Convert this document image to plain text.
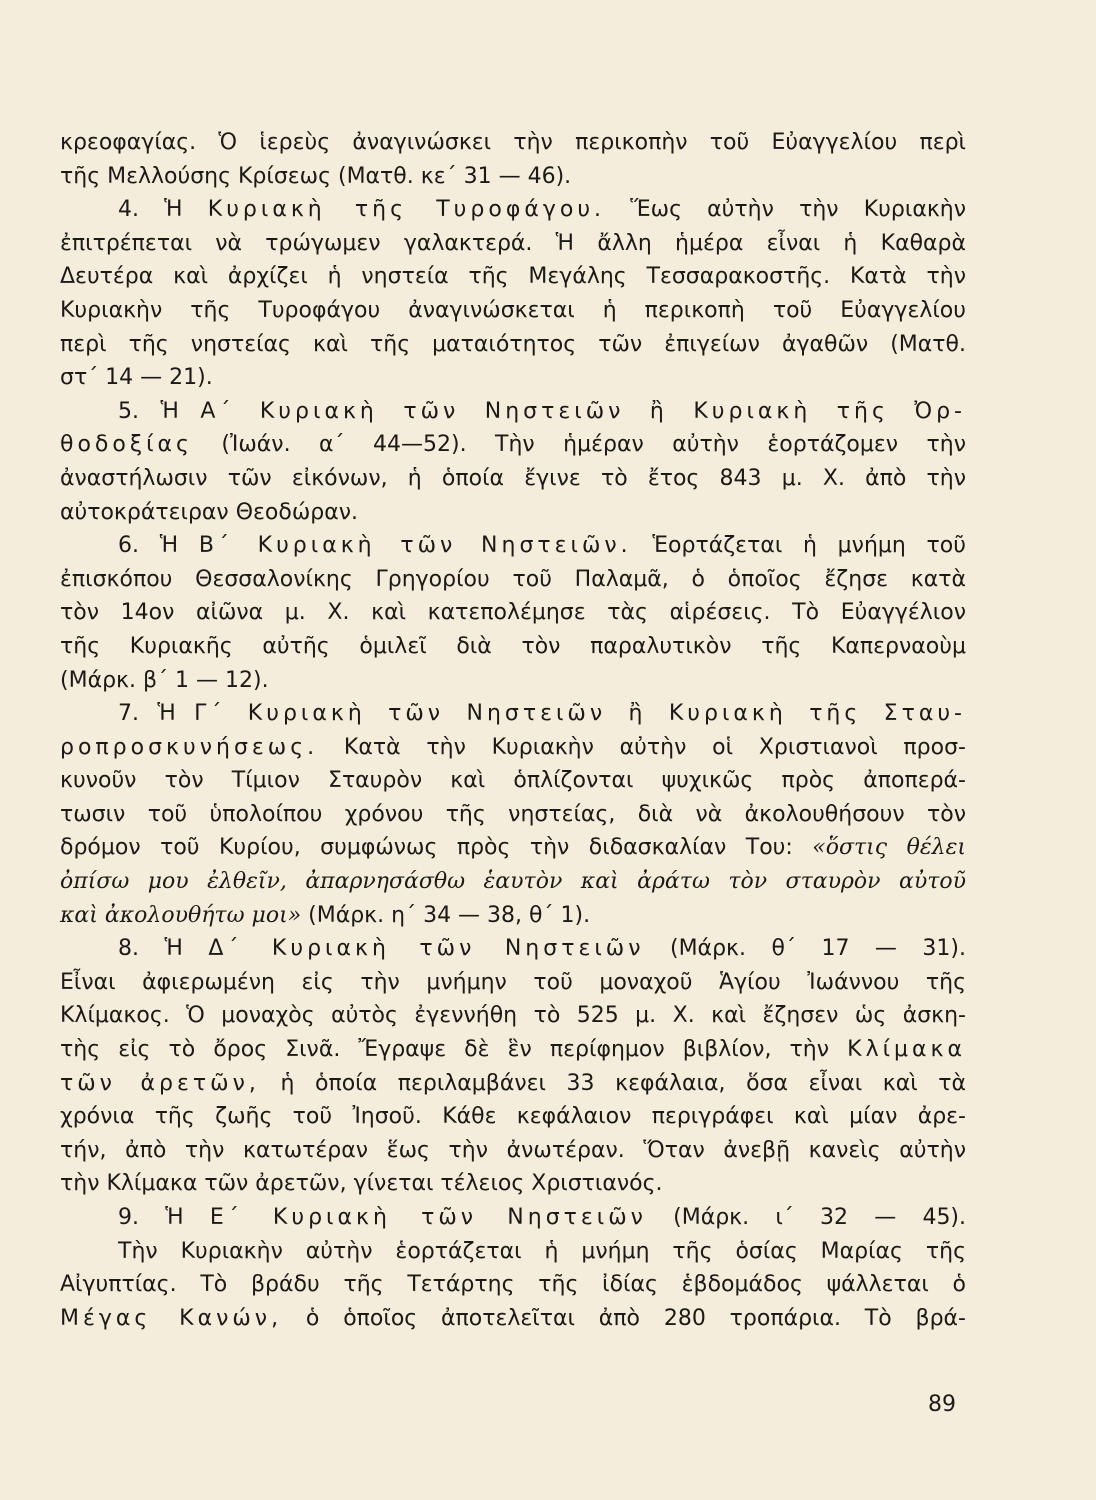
κρεοφαγίας. Ὁ ἱερεὺς ἀναγινώσκει τὴν περικοπὴν τοῦ Εὐαγγελίου περὶ
τῆς Μελλούσης Κρίσεως (Ματθ. κε΄ 31 — 46).
4. Ἡ Κυριακὴ τῆς Τυροφάγου. Ἕως αὐτὴν τὴν Κυριακὴν
ἐπιτρέπεται νὰ τρώγωμεν γαλακτερά. Ἡ ἄλλη ἡμέρα εἶναι ἡ Καθαρὰ
Δευτέρα καὶ ἀρχίζει ἡ νηστεία τῆς Μεγάλης Τεσσαρακοστῆς. Κατὰ τὴν
Κυριακὴν τῆς Τυροφάγου ἀναγινώσκεται ἡ περικοπὴ τοῦ Εὐαγγελίου
περὶ τῆς νηστείας καὶ τῆς ματαιότητος τῶν ἐπιγείων ἀγαθῶν (Ματθ.
στ΄ 14 — 21).
5. Ἡ Α΄ Κυριακὴ τῶν Νηστειῶν ἢ Κυριακὴ τῆς Ὀρ-
θοδοξίας (Ἰωάν. α΄ 44—52). Τὴν ἡμέραν αὐτὴν ἑορτάζομεν τὴν
ἀναστήλωσιν τῶν εἰκόνων, ἡ ὁποία ἔγινε τὸ ἔτος 843 μ. Χ. ἀπὸ τὴν
αὐτοκράτειραν Θεοδώραν.
6. Ἡ Β΄ Κυριακὴ τῶν Νηστειῶν. Ἑορτάζεται ἡ μνήμη τοῦ
ἐπισκόπου Θεσσαλονίκης Γρηγορίου τοῦ Παλαμᾶ, ὁ ὁποῖος ἔζησε κατὰ
τὸν 14ον αἰῶνα μ. Χ. καὶ κατεπολέμησε τὰς αἱρέσεις. Τὸ Εὐαγγέλιον
τῆς Κυριακῆς αὐτῆς ὁμιλεῖ διὰ τὸν παραλυτικὸν τῆς Καπερναοὺμ
(Μάρκ. β΄ 1 — 12).
7. Ἡ Γ΄ Κυριακὴ τῶν Νηστειῶν ἢ Κυριακὴ τῆς Σταυ-
ροπροσκυνήσεως. Κατὰ τὴν Κυριακὴν αὐτὴν οἱ Χριστιανοὶ προσ-
κυνοῦν τὸν Τίμιον Σταυρὸν καὶ ὁπλίζονται ψυχικῶς πρὸς ἀποπερά-
τωσιν τοῦ ὑπολοίπου χρόνου τῆς νηστείας, διὰ νὰ ἀκολουθήσουν τὸν
δρόμον τοῦ Κυρίου, συμφώνως πρὸς τὴν διδασκαλίαν Του: «ὅστις θέλει
ὀπίσω μου ἐλθεῖν, ἀπαρνησάσθω ἑαυτὸν καὶ ἀράτω τὸν σταυρὸν αὐτοῦ
καὶ ἀκολουθήτω μοι» (Μάρκ. η΄ 34 — 38, θ΄ 1).
8. Ἡ Δ΄ Κυριακὴ τῶν Νηστειῶν (Μάρκ. θ΄ 17 — 31).
Εἶναι ἀφιερωμένη εἰς τὴν μνήμην τοῦ μοναχοῦ Ἁγίου Ἰωάννου τῆς
Κλίμακος. Ὁ μοναχὸς αὐτὸς ἐγεννήθη τὸ 525 μ. Χ. καὶ ἔζησεν ὡς ἀσκη-
τὴς εἰς τὸ ὄρος Σινᾶ. Ἔγραψε δὲ ἓν περίφημον βιβλίον, τὴν Κλίμακα
τῶν ἀρετῶν, ἡ ὁποία περιλαμβάνει 33 κεφάλαια, ὅσα εἶναι καὶ τὰ
χρόνια τῆς ζωῆς τοῦ Ἰησοῦ. Κάθε κεφάλαιον περιγράφει καὶ μίαν ἀρε-
τήν, ἀπὸ τὴν κατωτέραν ἕως τὴν ἀνωτέραν. Ὅταν ἀνεβῇ κανεὶς αὐτὴν
τὴν Κλίμακα τῶν ἀρετῶν, γίνεται τέλειος Χριστιανός.
9. Ἡ Ε΄ Κυριακὴ τῶν Νηστειῶν (Μάρκ. ι΄ 32 — 45).
Τὴν Κυριακὴν αὐτὴν ἑορτάζεται ἡ μνήμη τῆς ὁσίας Μαρίας τῆς
Αἰγυπτίας. Τὸ βράδυ τῆς Τετάρτης τῆς ἰδίας ἑβδομάδος ψάλλεται ὁ
Μέγας Κανών, ὁ ὁποῖος ἀποτελεῖται ἀπὸ 280 τροπάρια. Τὸ βρά-
89
